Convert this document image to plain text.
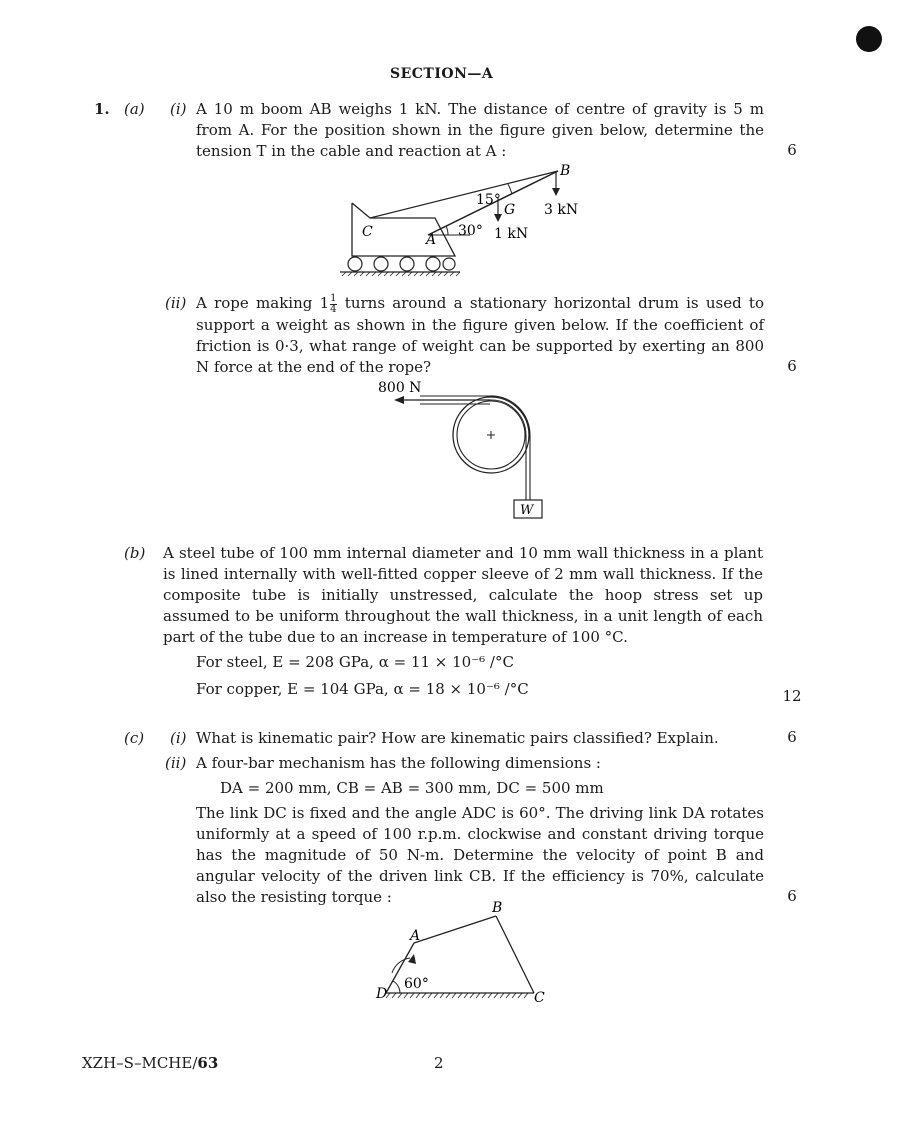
SECTION—A
1. (a) (i) A 10 m boom AB weighs 1 kN. The distance of centre of gravity is 5 m from A. For the position shown in the figure given below, determine the tension T in the cable and reaction at A :	6
B
15°
G 3 kN
C	A
30° 1 kN
(ii) A rope making $1 \frac{1}{4}$ turns around a stationary horizontal drum is used to support a weight as shown in the figure given below. If the coefficient of friction is 0·3, what range of weight can be supported by exerting an 800 N force at the end of the rope?	6
800 N
W
(b) A steel tube of 100 mm internal diameter and 10 mm wall thickness in a plant is lined internally with well-fitted copper sleeve of 2 mm wall thickness. If the composite tube is initially unstressed, calculate the hoop stress set up assumed to be uniform throughout the wall thickness, in a unit length of each part of the tube due to an increase in temperature of 100 °C.
For steel, E = 208 GPa, α = 11 × 10⁻⁶ /°C
For copper, E = 104 GPa, α = 18 × 10⁻⁶ /°C	12
(c) (i) What is kinematic pair? How are kinematic pairs classified? Explain.	6
(ii) A four-bar mechanism has the following dimensions :
DA = 200 mm, CB = AB = 300 mm, DC = 500 mm
The link DC is fixed and the angle ADC is 60°. The driving link DA rotates uniformly at a speed of 100 r.p.m. clockwise and constant driving torque has the magnitude of 50 N-m. Determine the velocity of point B and angular velocity of the driven link CB. If the efficiency is 70%, calculate also the resisting torque :	6
B
A
60°
D	C
XZH–S–MCHE/63	2
